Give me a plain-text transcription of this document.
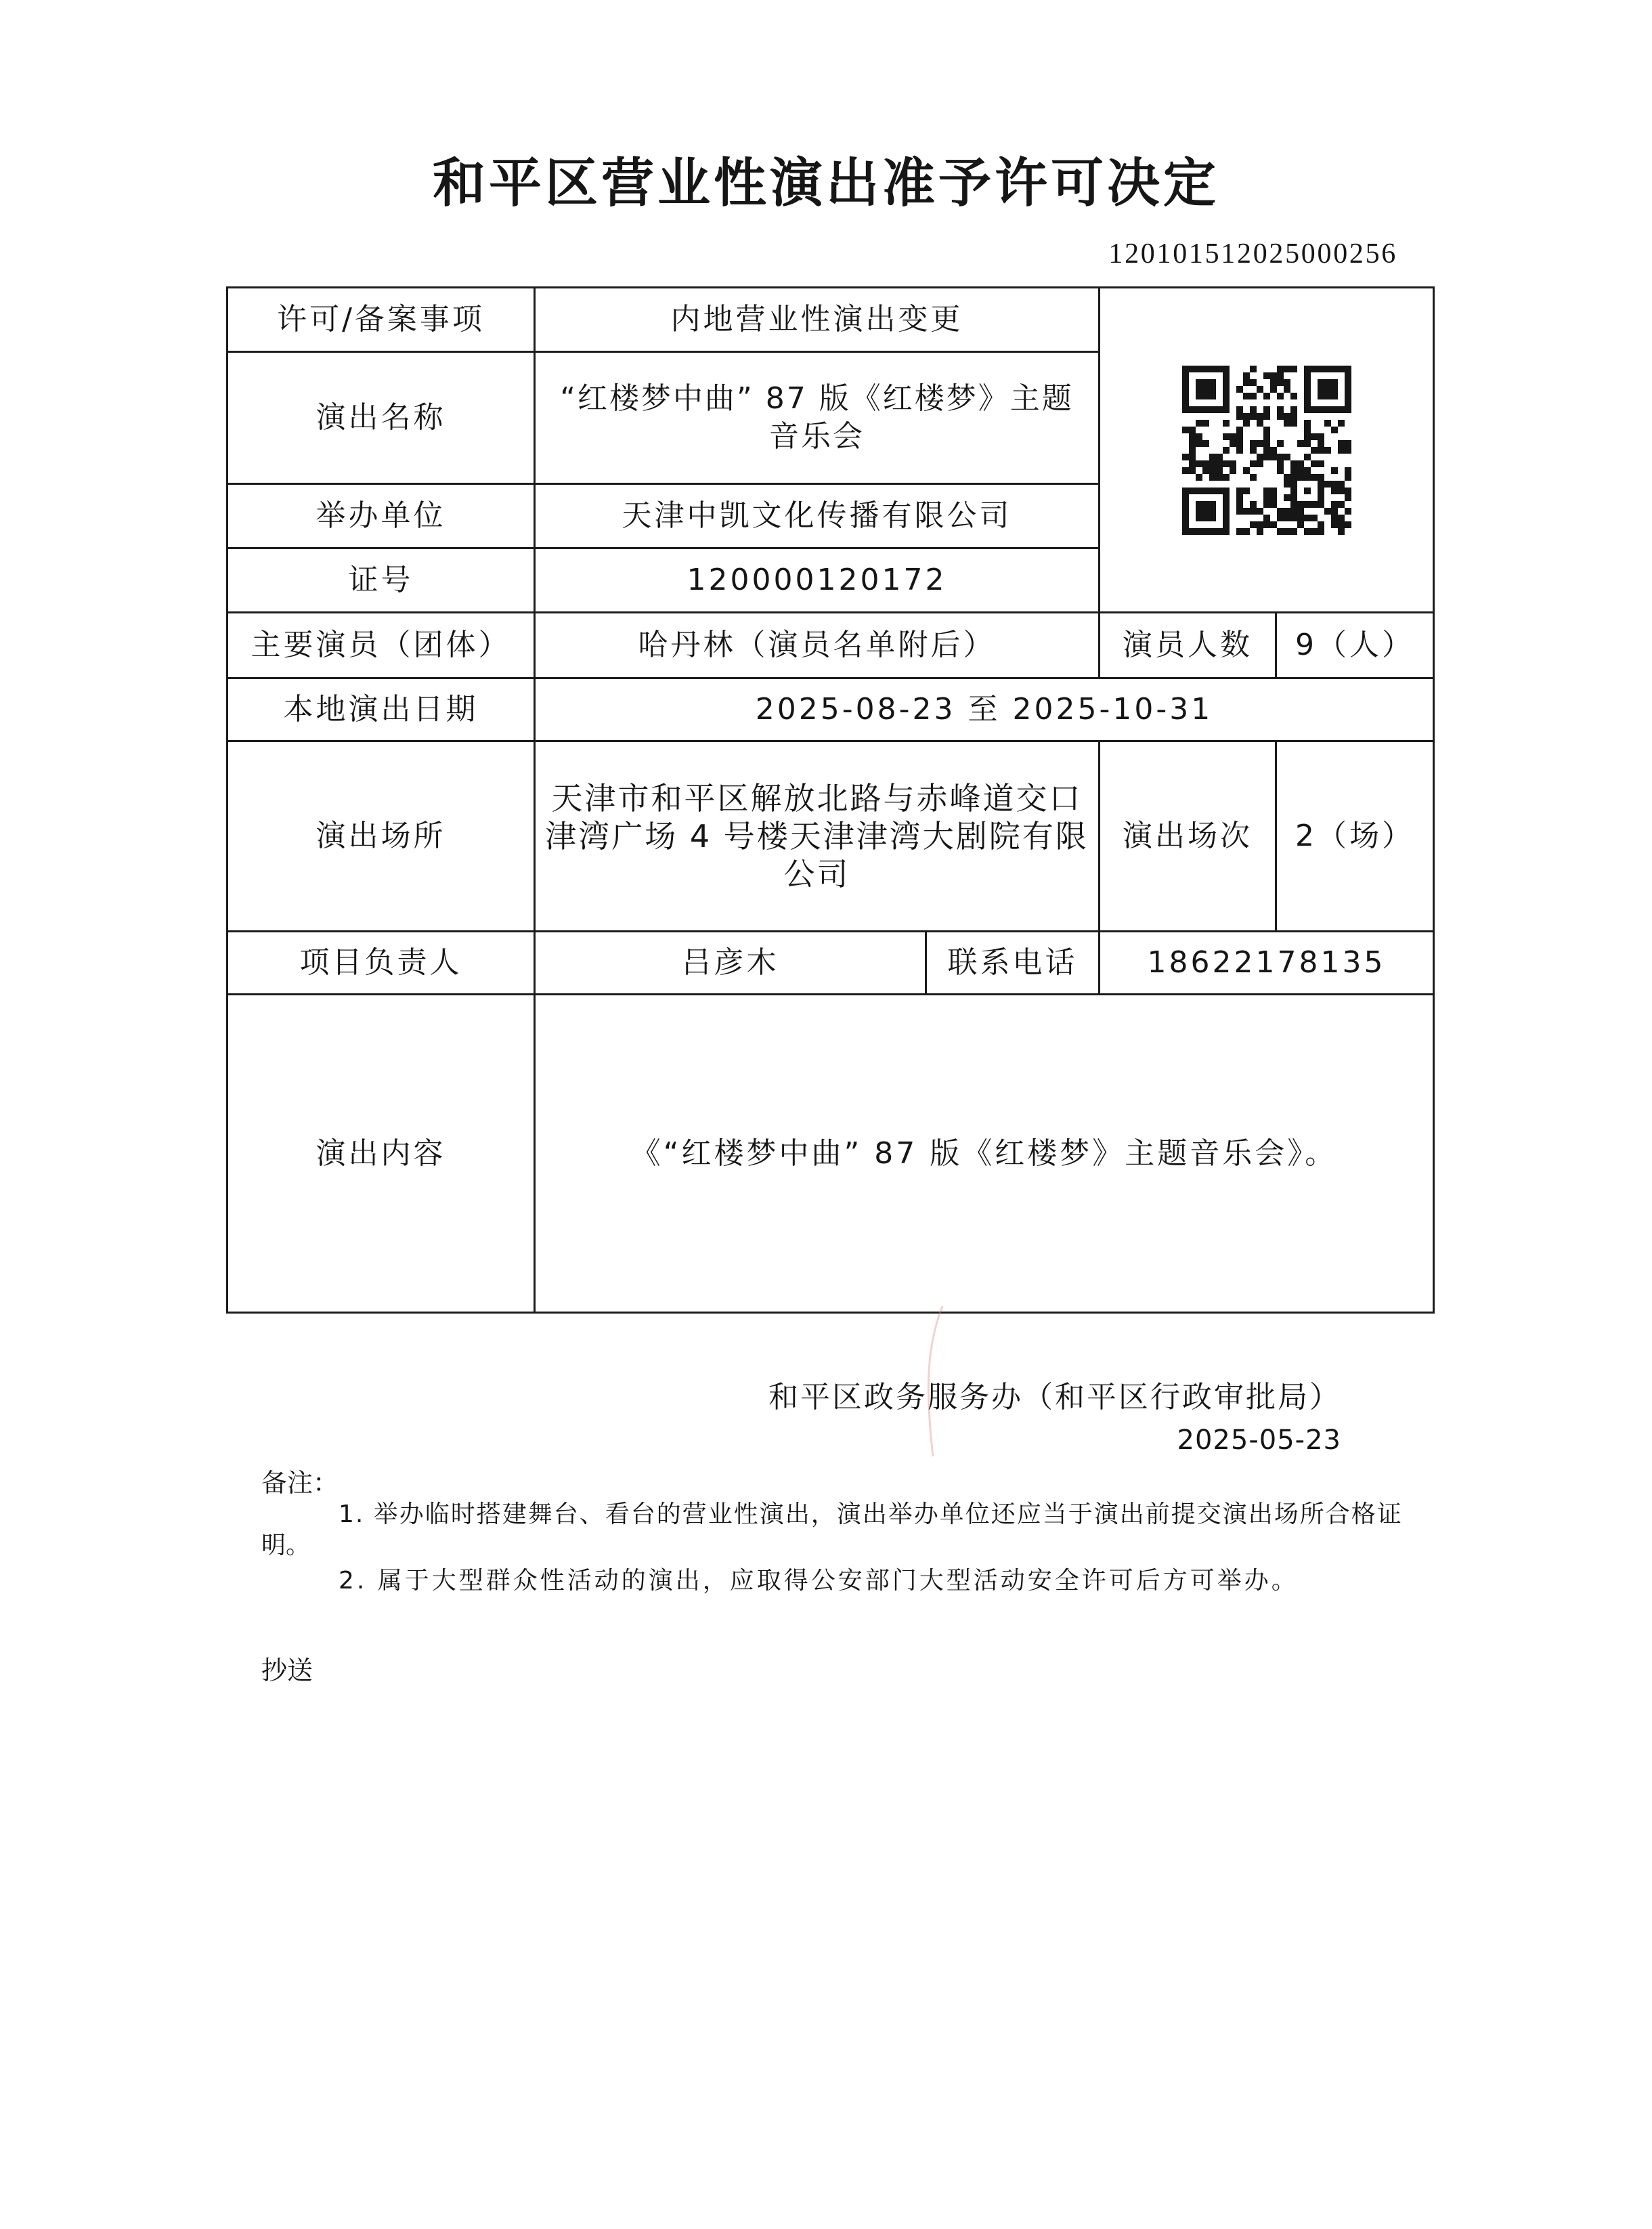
和平区营业性演出准予许可决定
120101512025000256
许可/备案事项	内地营业性演出变更	

演出名称	“红楼梦中曲” 87 版《红楼梦》主题
音乐会			

举办单位	天津中凯文化传播有限公司			
证号	120000120172			
主要演员（团体）	哈丹林（演员名单附后）		演员人数	9（人）
本地演出日期	2025-08-23 至 2025-10-31			
演出场所	天津市和平区解放北路与赤峰道交口
津湾广场 4 号楼天津津湾大剧院有限
公司		演出场次	2（场）
项目负责人	吕彦木	联系电话	18622178135	
演出内容	《“红楼梦中曲” 87 版《红楼梦》主题音乐会》。			
和平区政务服务办（和平区行政审批局）
2025-05-23
备注：
1. 举办临时搭建舞台、看台的营业性演出，演出举办单位还应当于演出前提交演出场所合格证
明。
2. 属于大型群众性活动的演出，应取得公安部门大型活动安全许可后方可举办。
抄送
